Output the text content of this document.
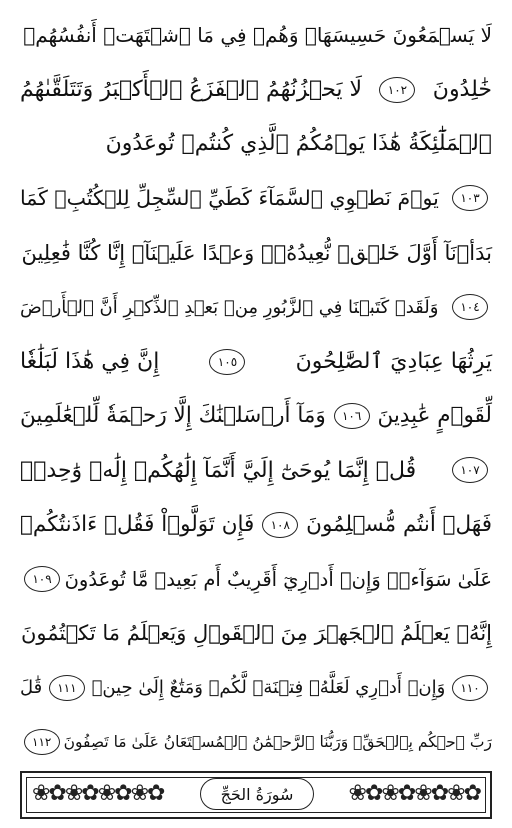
لَا يَسۡمَعُونَ حَسِيسَهَاۖ وَهُمۡ فِي مَا ٱشۡتَهَتۡ أَنفُسُهُمۡ
خَٰلِدُونَ
١٠٢
لَا يَحۡزُنُهُمُ ٱلۡفَزَعُ ٱلۡأَكۡبَرُ وَتَتَلَقَّىٰهُمُ
ٱلۡمَلَٰٓئِكَةُ هَٰذَا يَوۡمُكُمُ ٱلَّذِي كُنتُمۡ تُوعَدُونَ
١٠٣
يَوۡمَ نَطۡوِي ٱلسَّمَآءَ كَطَيِّ ٱلسِّجِلِّ لِلۡكُتُبِۚ كَمَا
بَدَأۡنَآ أَوَّلَ خَلۡقٖ نُّعِيدُهُۥۚ وَعۡدًا عَلَيۡنَآۚ إِنَّا كُنَّا فَٰعِلِينَ
١٠٤
وَلَقَدۡ كَتَبۡنَا فِي ٱلزَّبُورِ مِنۢ بَعۡدِ ٱلذِّكۡرِ أَنَّ ٱلۡأَرۡضَ
يَرِثُهَا عِبَادِيَ ٱلصَّٰلِحُونَ
١٠٥
إِنَّ فِي هَٰذَا لَبَلَٰغٗا
لِّقَوۡمٍ عَٰبِدِينَ
١٠٦
وَمَآ أَرۡسَلۡنَٰكَ إِلَّا رَحۡمَةٗ لِّلۡعَٰلَمِينَ
١٠٧
قُلۡ إِنَّمَا يُوحَىٰٓ إِلَيَّ أَنَّمَآ إِلَٰهُكُمۡ إِلَٰهٞ وَٰحِدٞۖ
فَهَلۡ أَنتُم مُّسۡلِمُونَ
١٠٨
فَإِن تَوَلَّوۡاْ فَقُلۡ ءَاذَنتُكُمۡ
عَلَىٰ سَوَآءٖۖ وَإِنۡ أَدۡرِيٓ أَقَرِيبٌ أَم بَعِيدٞ مَّا تُوعَدُونَ
١٠٩
إِنَّهُۥ يَعۡلَمُ ٱلۡجَهۡرَ مِنَ ٱلۡقَوۡلِ وَيَعۡلَمُ مَا تَكۡتُمُونَ
١١٠
وَإِنۡ أَدۡرِي لَعَلَّهُۥ فِتۡنَةٞ لَّكُمۡ وَمَتَٰعٌ إِلَىٰ حِينٖ
١١١
قَٰلَ
رَبِّ ٱحۡكُم بِٱلۡحَقِّۗ وَرَبُّنَا ٱلرَّحۡمَٰنُ ٱلۡمُسۡتَعَانُ عَلَىٰ مَا تَصِفُونَ
١١٢
❀✿❀✿❀✿❀✿	❀✿❀✿❀✿❀✿
سُورَةُ الحَجِّ
